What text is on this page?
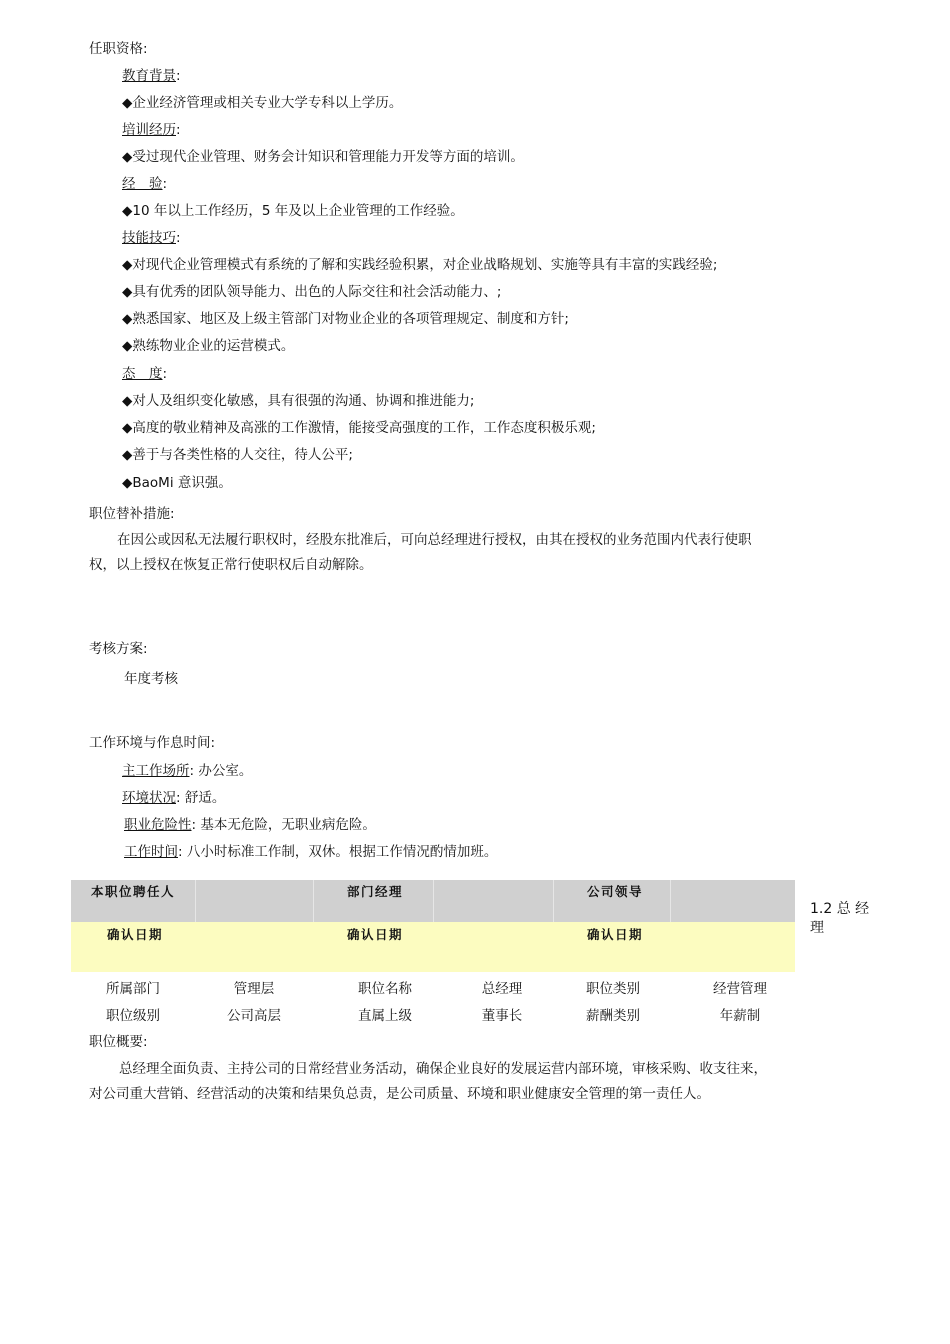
任职资格:
教育背景:
◆企业经济管理或相关专业大学专科以上学历。
培训经历:
◆受过现代企业管理、财务会计知识和管理能力开发等方面的培训。
经　验:
◆10 年以上工作经历，5 年及以上企业管理的工作经验。
技能技巧:
◆对现代企业管理模式有系统的了解和实践经验积累，对企业战略规划、实施等具有丰富的实践经验;
◆具有优秀的团队领导能力、出色的人际交往和社会活动能力、;
◆熟悉国家、地区及上级主管部门对物业企业的各项管理规定、制度和方针;
◆熟练物业企业的运营模式。
态　度:
◆对人及组织变化敏感，具有很强的沟通、协调和推进能力;
◆高度的敬业精神及高涨的工作激情，能接受高强度的工作，工作态度积极乐观;
◆善于与各类性格的人交往，待人公平;
◆BaoMi 意识强。
职位替补措施:
在因公或因私无法履行职权时，经股东批准后，可向总经理进行授权，由其在授权的业务范围内代表行使职
权，以上授权在恢复正常行使职权后自动解除。
考核方案:
年度考核
工作环境与作息时间:
主工作场所: 办公室。
环境状况: 舒适。
职业危险性: 基本无危险，无职业病危险。
工作时间: 八小时标准工作制，双休。根据工作情况酌情加班。
本职位聘任人	部门经理	公司领导
确认日期	确认日期	确认日期
1.2 总 经
理
所属部门	管理层	职位名称	总经理	职位类别	经营管理
职位级别	公司高层	直属上级	董事长	薪酬类别	年薪制
职位概要:
总经理全面负责、主持公司的日常经营业务活动，确保企业良好的发展运营内部环境，审核采购、收支往来，
对公司重大营销、经营活动的决策和结果负总责，是公司质量、环境和职业健康安全管理的第一责任人。
